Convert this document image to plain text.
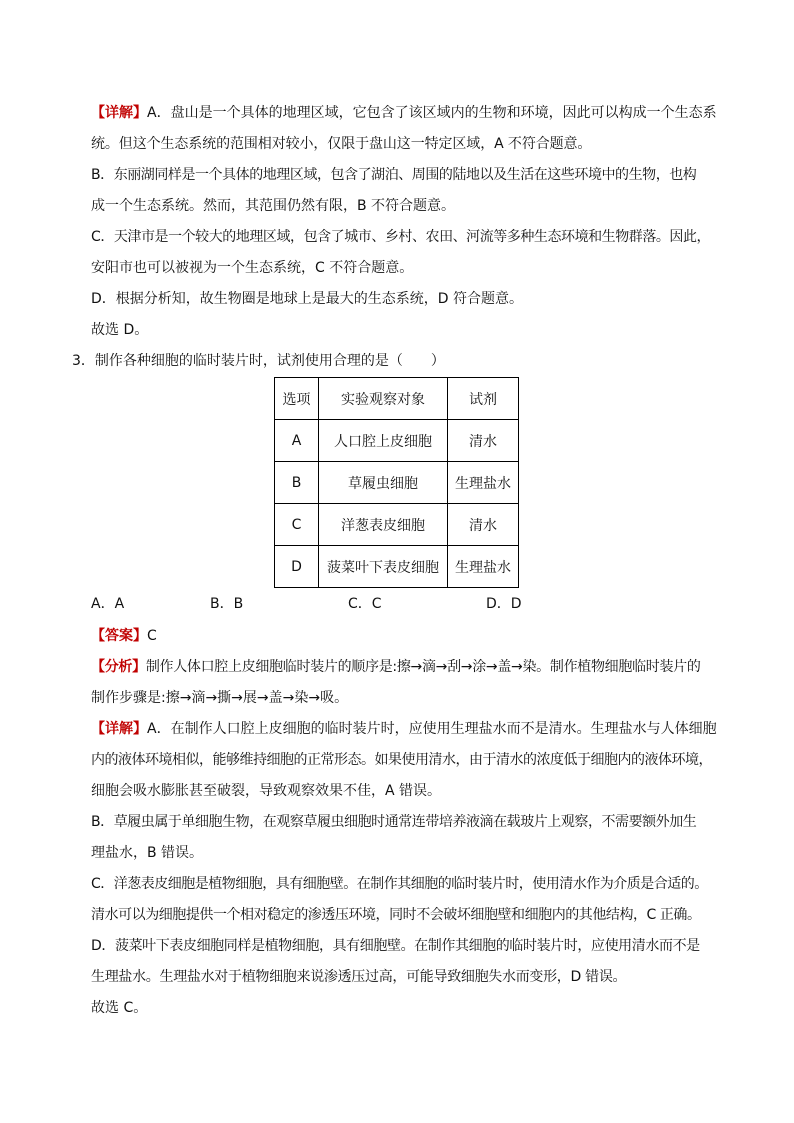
【详解】A．盘山是一个具体的地理区域，它包含了该区域内的生物和环境，因此可以构成一个生态系
统。但这个生态系统的范围相对较小，仅限于盘山这一特定区域，A 不符合题意。
B．东丽湖同样是一个具体的地理区域，包含了湖泊、周围的陆地以及生活在这些环境中的生物，也构
成一个生态系统。然而，其范围仍然有限，B 不符合题意。
C．天津市是一个较大的地理区域，包含了城市、乡村、农田、河流等多种生态环境和生物群落。因此，
安阳市也可以被视为一个生态系统，C 不符合题意。
D．根据分析知，故生物圈是地球上是最大的生态系统，D 符合题意。
故选 D。
3．制作各种细胞的临时装片时，试剂使用合理的是（　　）
选项	实验观察对象	试剂
A	人口腔上皮细胞	清水
B	草履虫细胞	生理盐水
C	洋葱表皮细胞	清水
D	菠菜叶下表皮细胞	生理盐水
A．A	B．B	C．C	D．D
【答案】C
【分析】制作人体口腔上皮细胞临时装片的顺序是:擦→滴→刮→涂→盖→染。制作植物细胞临时装片的
制作步骤是:擦→滴→撕→展→盖→染→吸。
【详解】A．在制作人口腔上皮细胞的临时装片时，应使用生理盐水而不是清水。生理盐水与人体细胞
内的液体环境相似，能够维持细胞的正常形态。如果使用清水，由于清水的浓度低于细胞内的液体环境，
细胞会吸水膨胀甚至破裂，导致观察效果不佳，A 错误。
B．草履虫属于单细胞生物，在观察草履虫细胞时通常连带培养液滴在载玻片上观察，不需要额外加生
理盐水，B 错误。
C．洋葱表皮细胞是植物细胞，具有细胞壁。在制作其细胞的临时装片时，使用清水作为介质是合适的。
清水可以为细胞提供一个相对稳定的渗透压环境，同时不会破坏细胞壁和细胞内的其他结构，C 正确。
D．菠菜叶下表皮细胞同样是植物细胞，具有细胞壁。在制作其细胞的临时装片时，应使用清水而不是
生理盐水。生理盐水对于植物细胞来说渗透压过高，可能导致细胞失水而变形，D 错误。
故选 C。
